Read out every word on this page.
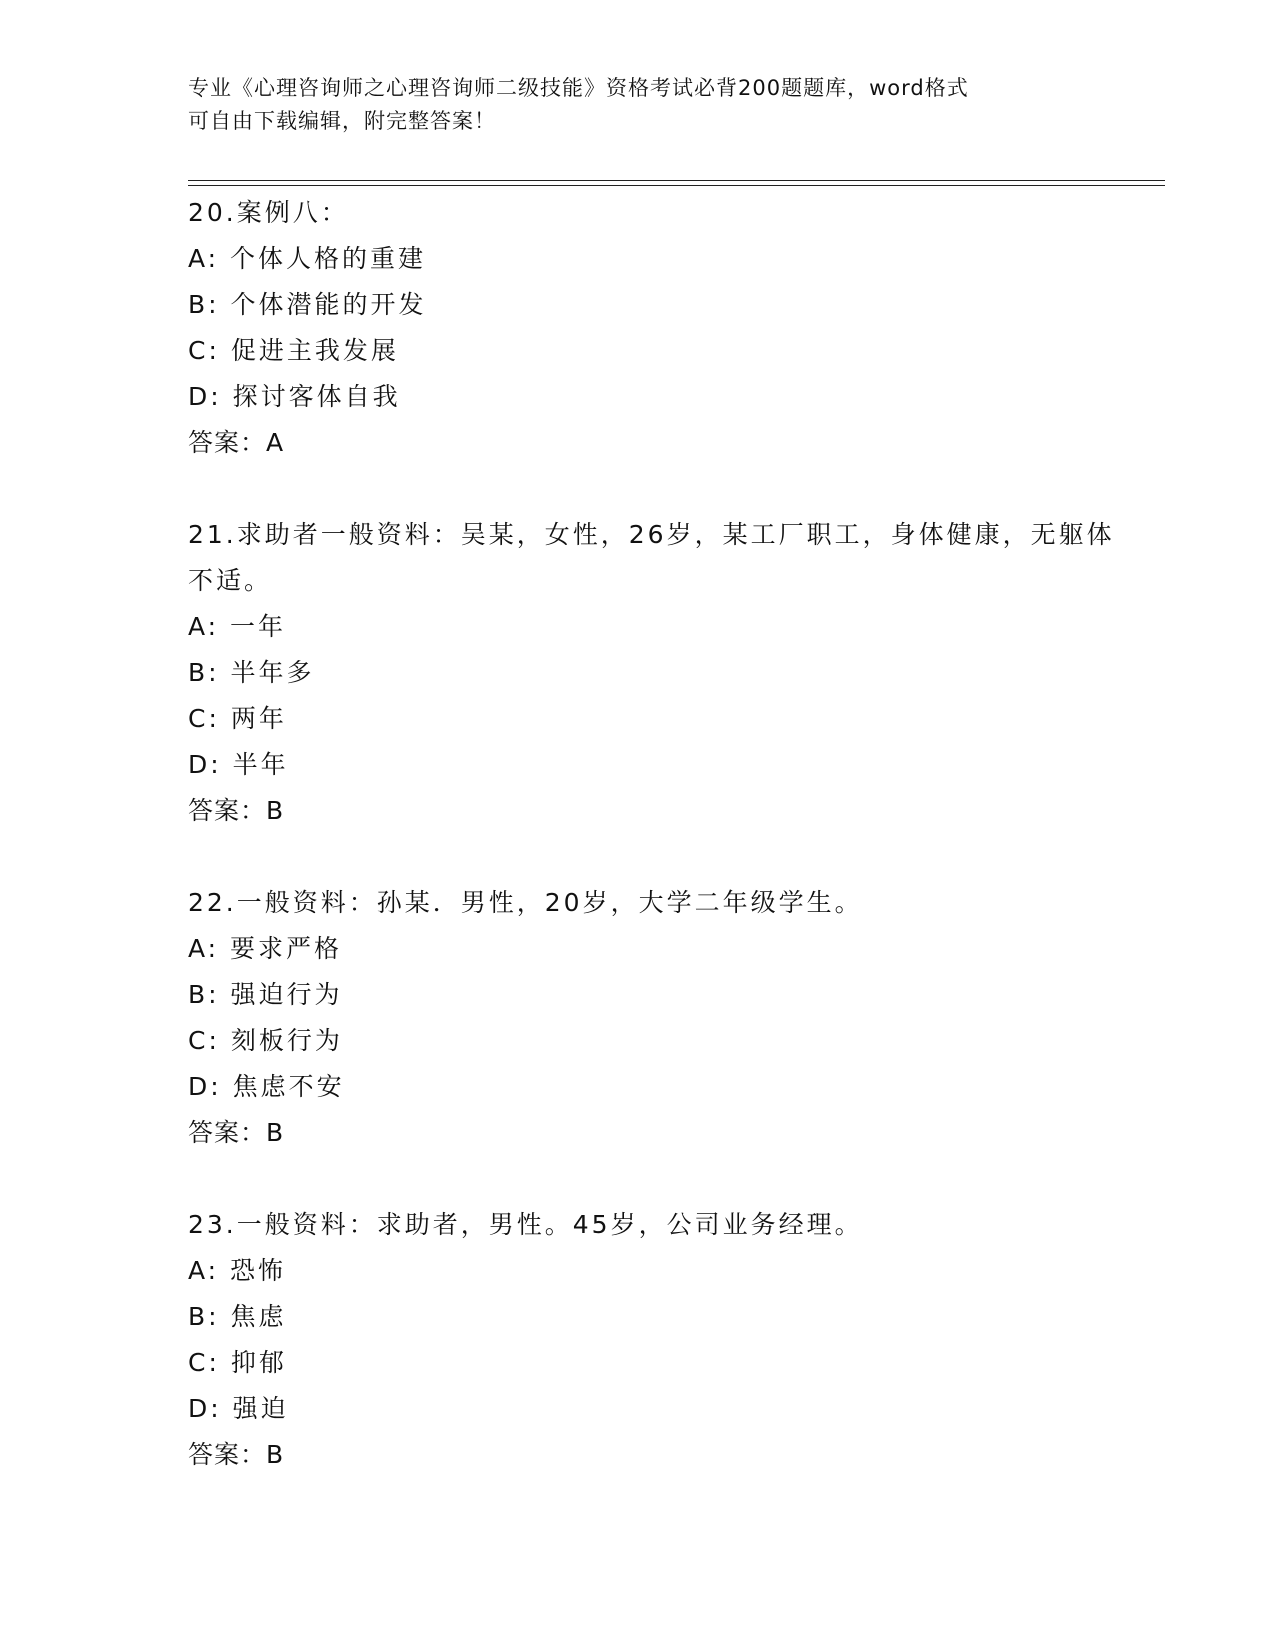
专业《心理咨询师之心理咨询师二级技能》资格考试必背200题题库，word格式
可自由下载编辑，附完整答案！
20.案例八：
A: 个体人格的重建
B: 个体潜能的开发
C: 促进主我发展
D: 探讨客体自我
答案：A
21.求助者一般资料：吴某，女性，26岁，某工厂职工，身体健康，无躯体不适。
A: 一年
B: 半年多
C: 两年
D: 半年
答案：B
22.一般资料：孙某．男性，20岁，大学二年级学生。
A: 要求严格
B: 强迫行为
C: 刻板行为
D: 焦虑不安
答案：B
23.一般资料：求助者，男性。45岁，公司业务经理。
A: 恐怖
B: 焦虑
C: 抑郁
D: 强迫
答案：B
